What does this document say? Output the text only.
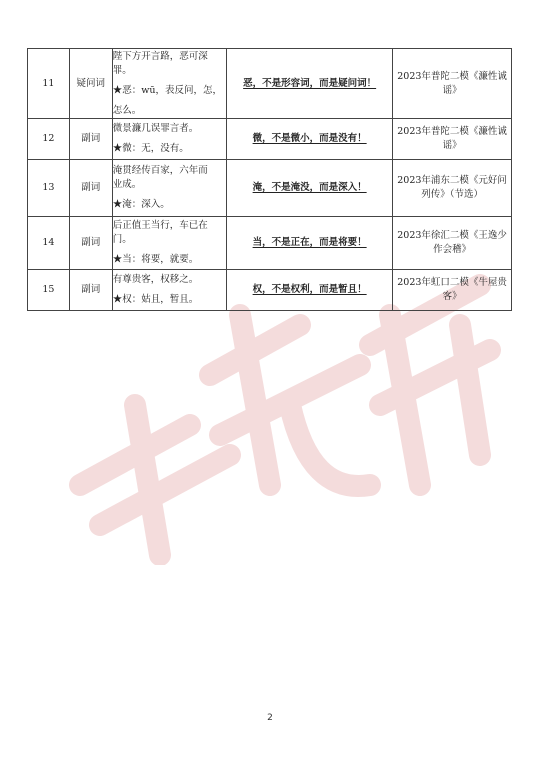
11	疑问词	陛下方开言路，恶可深
罪。
★恶：wū，表反问，怎，
怎么。	恶，不是形容词，而是疑问词！	2023年普陀二模《濂性诚谣》
12	副词	微景濂几误罪言者。
★微：无，没有。	微，不是微小，而是没有！	2023年普陀二模《濂性诚谣》
13	副词	淹贯经传百家，六年而
业成。
★淹：深入。	淹，不是淹没，而是深入！	2023年浦东二模《元好问列传》（节选）
14	副词	后正值王当行，车已在
门。
★当：将要，就要。	当，不是正在，而是将要！	2023年徐汇二模《王逸少作会稽》
15	副词	有尊贵客，权移之。
★权：姑且，暂且。	权，不是权利，而是暂且！	2023年虹口二模《牛屋贵客》
2
